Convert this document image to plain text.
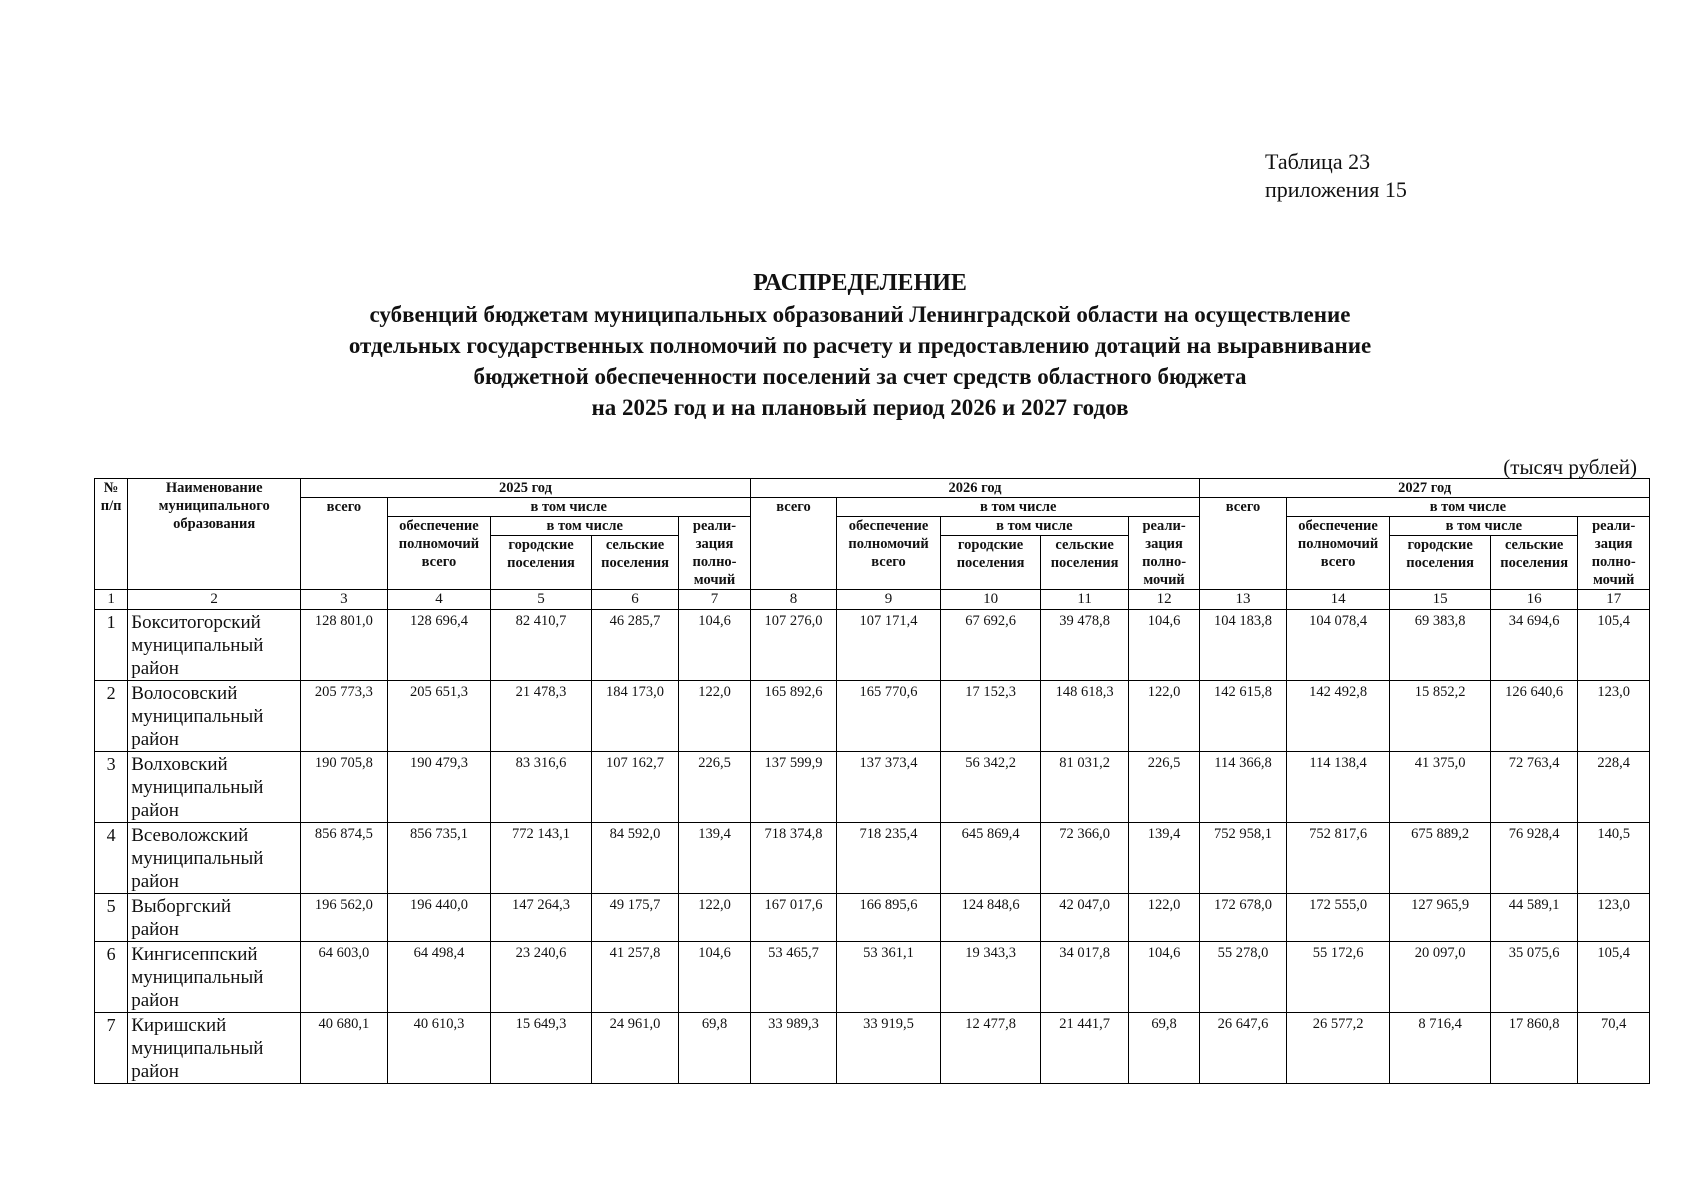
Таблица 23
приложения 15
РАСПРЕДЕЛЕНИЕ
субвенций бюджетам муниципальных образований Ленинградской области на осуществление
отдельных государственных полномочий по расчету и предоставлению дотаций на выравнивание
бюджетной обеспеченности поселений за счет средств областного бюджета
на 2025 год и на плановый период 2026 и 2027 годов
(тысяч рублей)
№ п/п	Наименование муниципального образования	2025 год					2026 год					2027 год				
		всего	в том числе				всего	в том числе				всего	в том числе			
			обеспечение полномочий всего	в том числе		реали-зация полно-мочий		обеспечение полномочий всего	в том числе		реали-зация полно-мочий		обеспечение полномочий всего	в том числе		реали-зация полно-мочий
				городские поселения	сельские поселения				городские поселения	сельские поселения				городские поселения	сельские поселения	
1	2	3	4	5	6	7	8	9	10	11	12	13	14	15	16	17
1	Бокситогорский
муниципальный
район	128 801,0	128 696,4	82 410,7	46 285,7	104,6	107 276,0	107 171,4	67 692,6	39 478,8	104,6	104 183,8	104 078,4	69 383,8	34 694,6	105,4
2	Волосовский
муниципальный
район	205 773,3	205 651,3	21 478,3	184 173,0	122,0	165 892,6	165 770,6	17 152,3	148 618,3	122,0	142 615,8	142 492,8	15 852,2	126 640,6	123,0
3	Волховский
муниципальный
район	190 705,8	190 479,3	83 316,6	107 162,7	226,5	137 599,9	137 373,4	56 342,2	81 031,2	226,5	114 366,8	114 138,4	41 375,0	72 763,4	228,4
4	Всеволожский
муниципальный
район	856 874,5	856 735,1	772 143,1	84 592,0	139,4	718 374,8	718 235,4	645 869,4	72 366,0	139,4	752 958,1	752 817,6	675 889,2	76 928,4	140,5
5	Выборгский
район	196 562,0	196 440,0	147 264,3	49 175,7	122,0	167 017,6	166 895,6	124 848,6	42 047,0	122,0	172 678,0	172 555,0	127 965,9	44 589,1	123,0
6	Кингисеппский
муниципальный
район	64 603,0	64 498,4	23 240,6	41 257,8	104,6	53 465,7	53 361,1	19 343,3	34 017,8	104,6	55 278,0	55 172,6	20 097,0	35 075,6	105,4
7	Киришский
муниципальный
район	40 680,1	40 610,3	15 649,3	24 961,0	69,8	33 989,3	33 919,5	12 477,8	21 441,7	69,8	26 647,6	26 577,2	8 716,4	17 860,8	70,4
